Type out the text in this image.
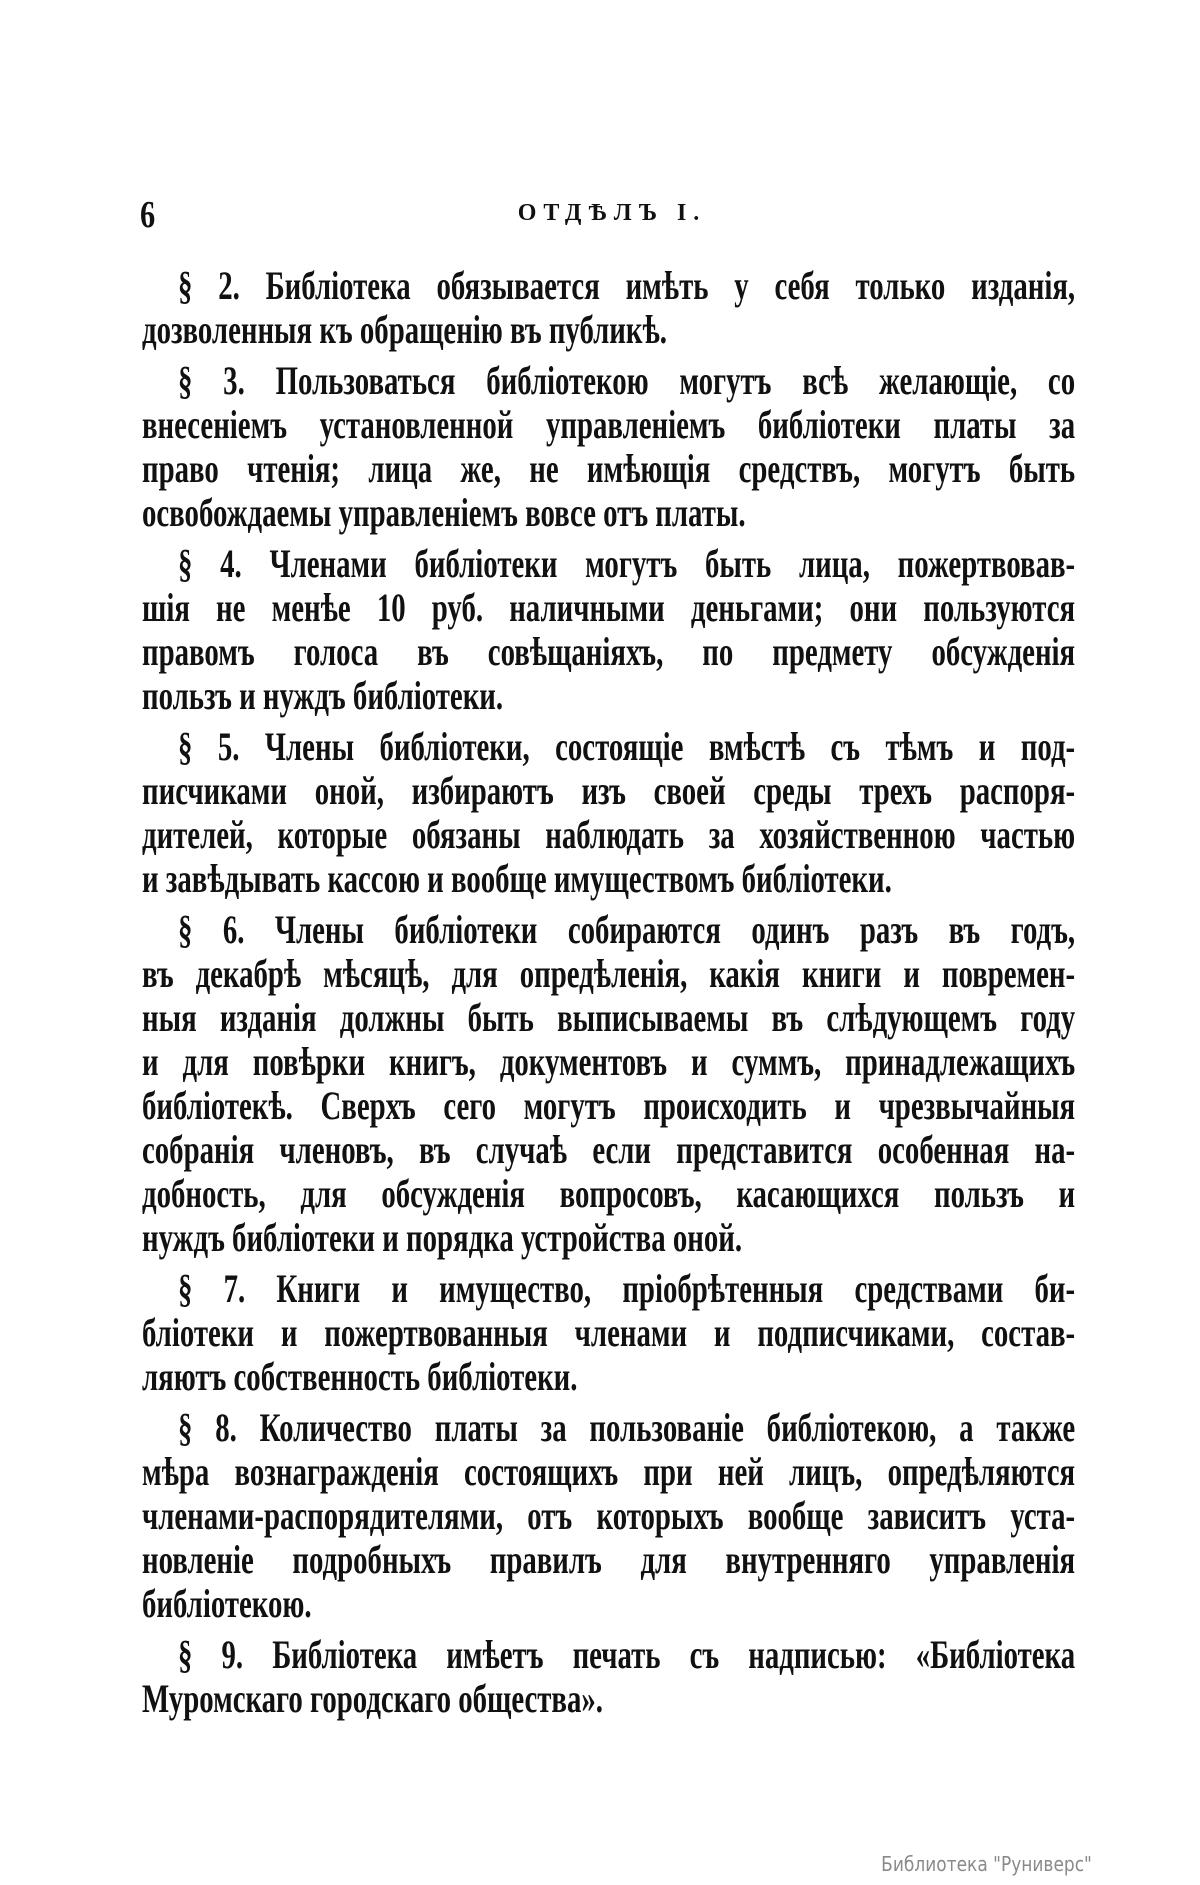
6	ОТДѢЛЪ I.
§ 2. Библіотека обязывается имѣть у себя только изданія,
дозволенныя къ обращенію въ публикѣ.
§ 3. Пользоваться библіотекою могутъ всѣ желающіе, со
внесеніемъ установленной управленіемъ библіотеки платы за
право чтенія; лица же, не имѣющія средствъ, могутъ быть
освобождаемы управленіемъ вовсе отъ платы.
§ 4. Членами библіотеки могутъ быть лица, пожертвовав-
шія не менѣе 10 руб. наличными деньгами; они пользуются
правомъ голоса въ совѣщаніяхъ, по предмету обсужденія
пользъ и нуждъ библіотеки.
§ 5. Члены библіотеки, состоящіе вмѣстѣ съ тѣмъ и под-
писчиками оной, избираютъ изъ своей среды трехъ распоря-
дителей, которые обязаны наблюдать за хозяйственною частью
и завѣдывать кассою и вообще имуществомъ библіотеки.
§ 6. Члены библіотеки собираются одинъ разъ въ годъ,
въ декабрѣ мѣсяцѣ, для опредѣленія, какія книги и повремен-
ныя изданія должны быть выписываемы въ слѣдующемъ году
и для повѣрки книгъ, документовъ и суммъ, принадлежащихъ
библіотекѣ. Сверхъ сего могутъ происходить и чрезвычайныя
собранія членовъ, въ случаѣ если представится особенная на-
добность, для обсужденія вопросовъ, касающихся пользъ и
нуждъ библіотеки и порядка устройства оной.
§ 7. Книги и имущество, пріобрѣтенныя средствами би-
бліотеки и пожертвованныя членами и подписчиками, состав-
ляютъ собственность библіотеки.
§ 8. Количество платы за пользованіе библіотекою, а также
мѣра вознагражденія состоящихъ при ней лицъ, опредѣляются
членами-распорядителями, отъ которыхъ вообще зависитъ уста-
новленіе подробныхъ правилъ для внутренняго управленія
библіотекою.
§ 9. Библіотека имѣетъ печать съ надписью: «Библіотека
Муромскаго городскаго общества».
Библиотека "Руниверс"
